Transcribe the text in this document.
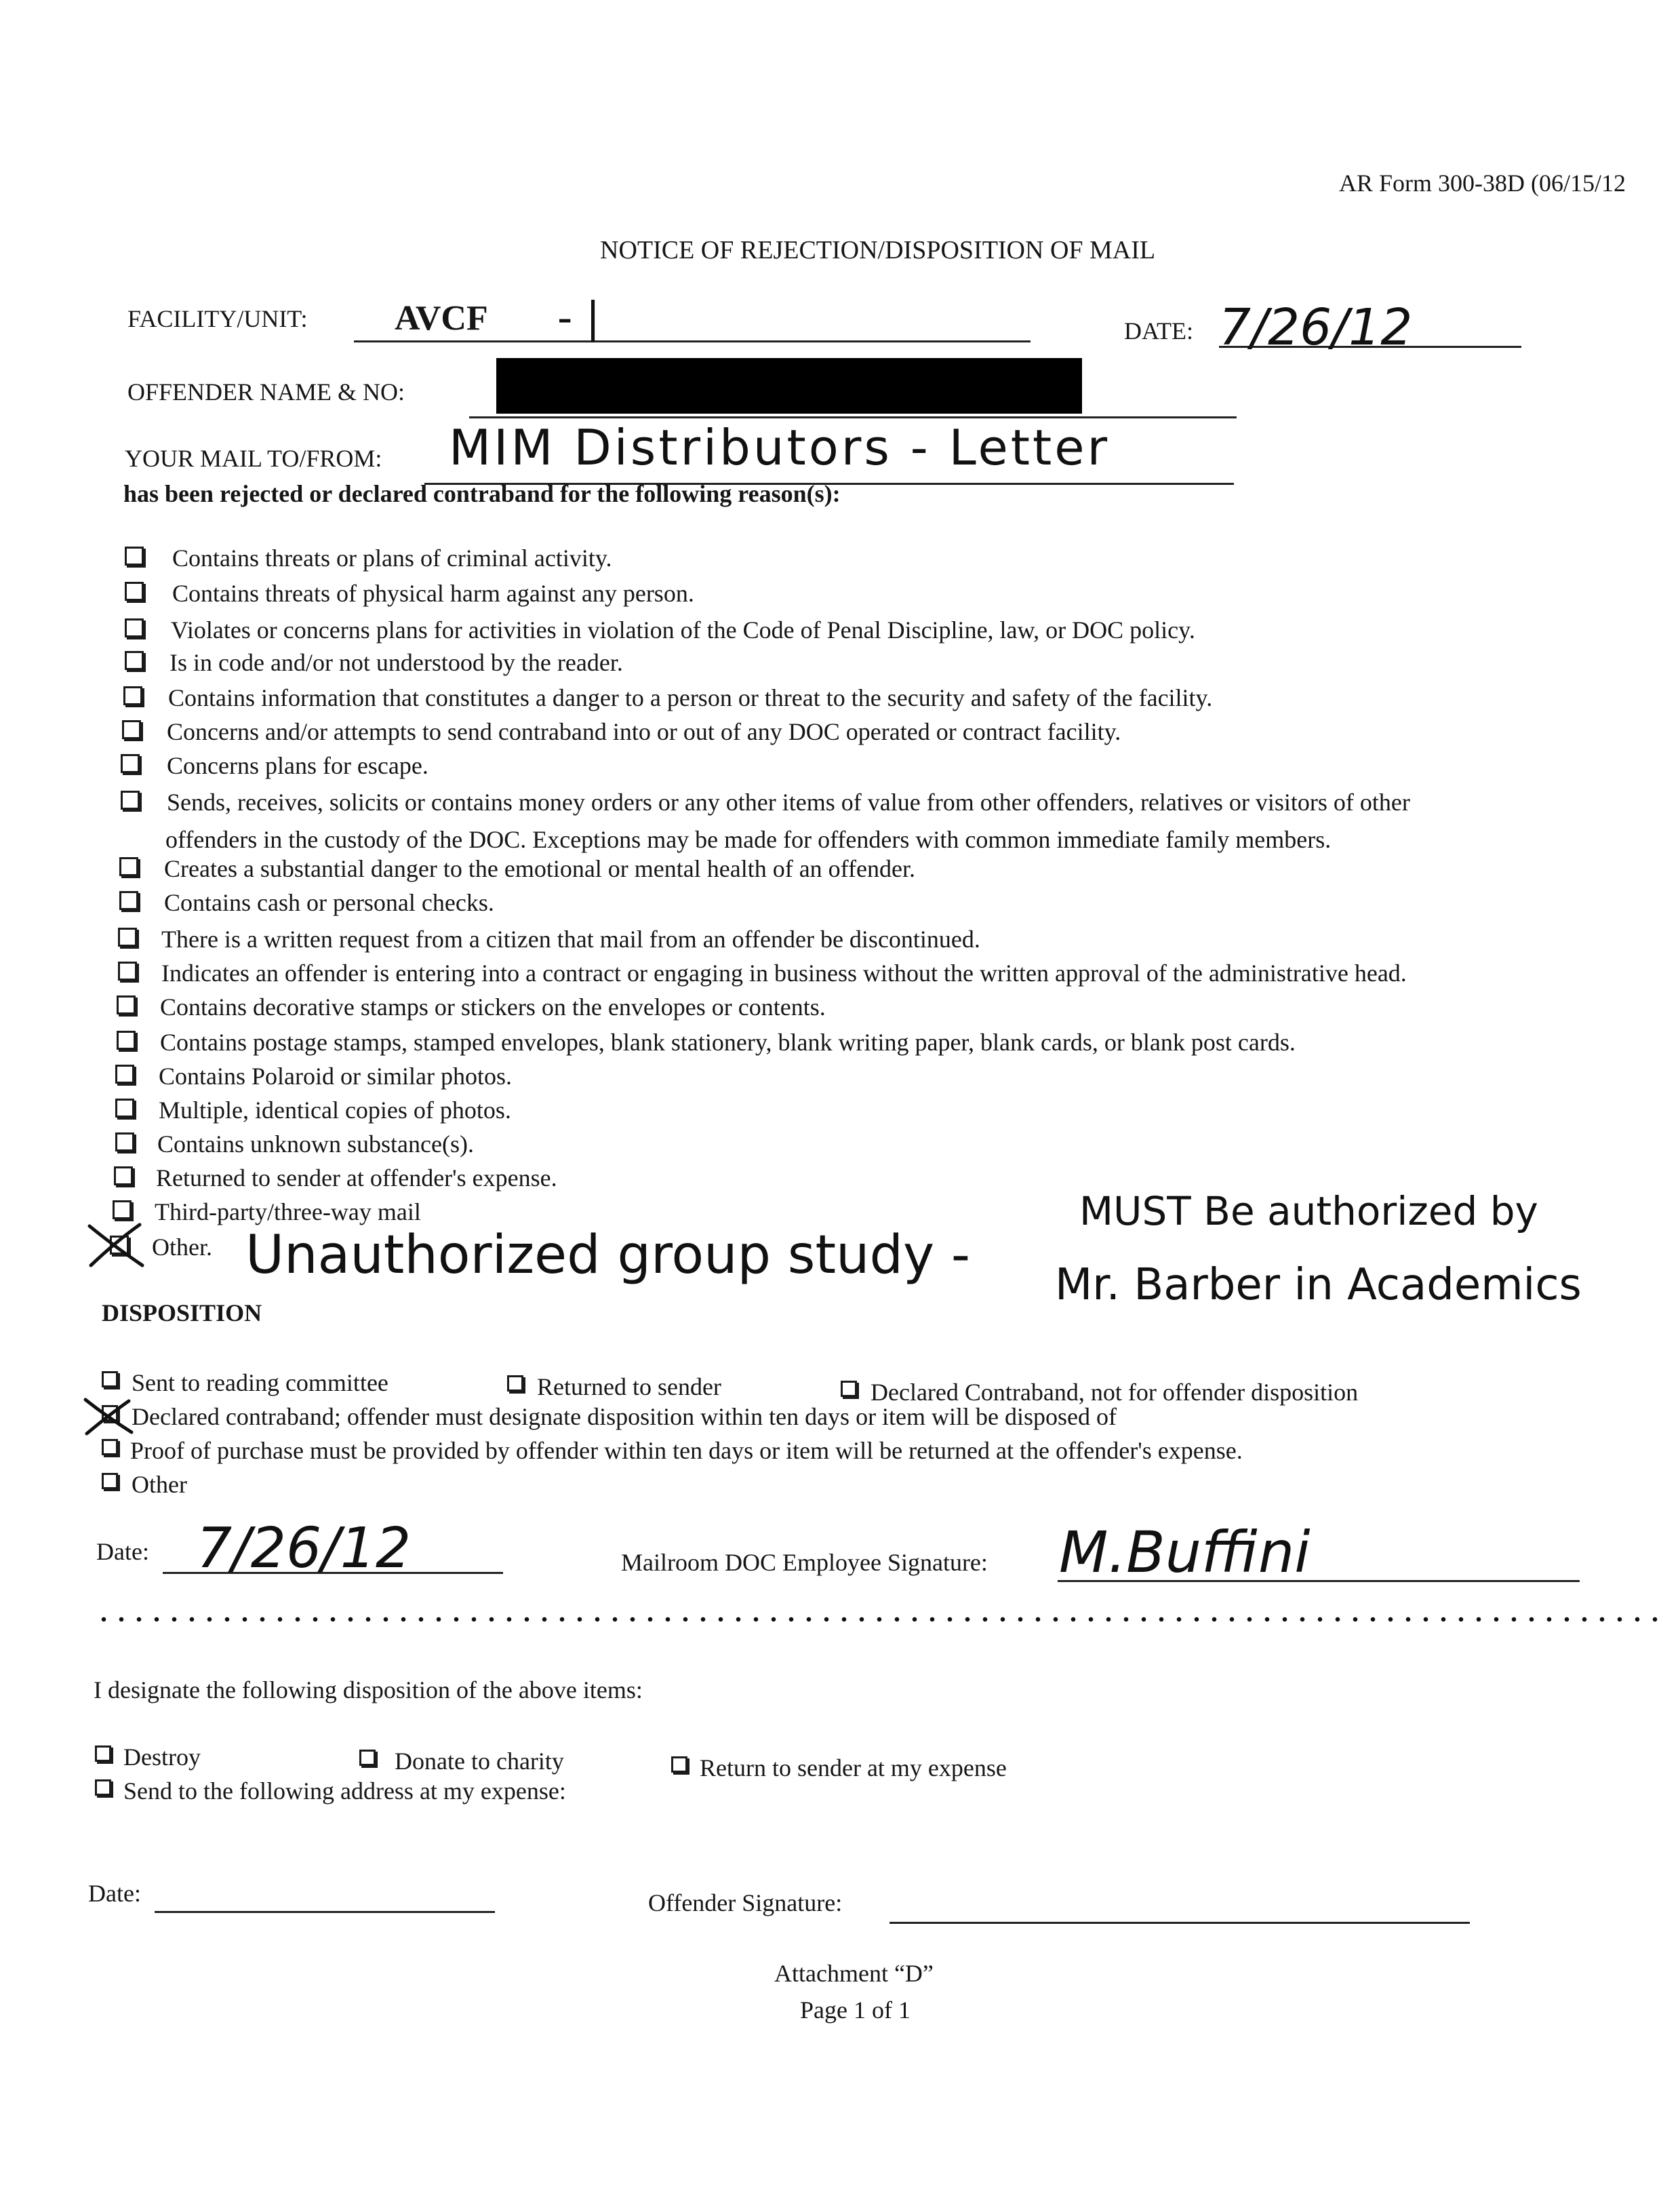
AR Form 300-38D (06/15/12
NOTICE OF REJECTION/DISPOSITION OF MAIL
FACILITY/UNIT: AVCF - |	DATE: 7/26/12
OFFENDER NAME & NO:
YOUR MAIL TO/FROM: MIM Distributors - Letter
has been rejected or declared contraband for the following reason(s):
Contains threats or plans of criminal activity.
Contains threats of physical harm against any person.
Violates or concerns plans for activities in violation of the Code of Penal Discipline, law, or DOC policy.
Is in code and/or not understood by the reader.
Contains information that constitutes a danger to a person or threat to the security and safety of the facility.
Concerns and/or attempts to send contraband into or out of any DOC operated or contract facility.
Concerns plans for escape.
Sends, receives, solicits or contains money orders or any other items of value from other offenders, relatives or visitors of other
offenders in the custody of the DOC. Exceptions may be made for offenders with common immediate family members.
Creates a substantial danger to the emotional or mental health of an offender.
Contains cash or personal checks.
There is a written request from a citizen that mail from an offender be discontinued.
Indicates an offender is entering into a contract or engaging in business without the written approval of the administrative head.
Contains decorative stamps or stickers on the envelopes or contents.
Contains postage stamps, stamped envelopes, blank stationery, blank writing paper, blank cards, or blank post cards.
Contains Polaroid or similar photos.
Multiple, identical copies of photos.
Contains unknown substance(s).
Returned to sender at offender's expense.
Third-party/three-way mail
Other. Unauthorized group study -
MUST Be authorized by
Mr. Barber in Academics
DISPOSITION
Sent to reading committee	Returned to sender	Declared Contraband, not for offender disposition
Declared contraband; offender must designate disposition within ten days or item will be disposed of
Proof of purchase must be provided by offender within ten days or item will be returned at the offender's expense.
Other
Date: 7/26/12	Mailroom DOC Employee Signature: M.Buffini
I designate the following disposition of the above items:
Destroy	Donate to charity	Return to sender at my expense
Send to the following address at my expense:
Date:	Offender Signature:
Attachment “D”
Page 1 of 1
